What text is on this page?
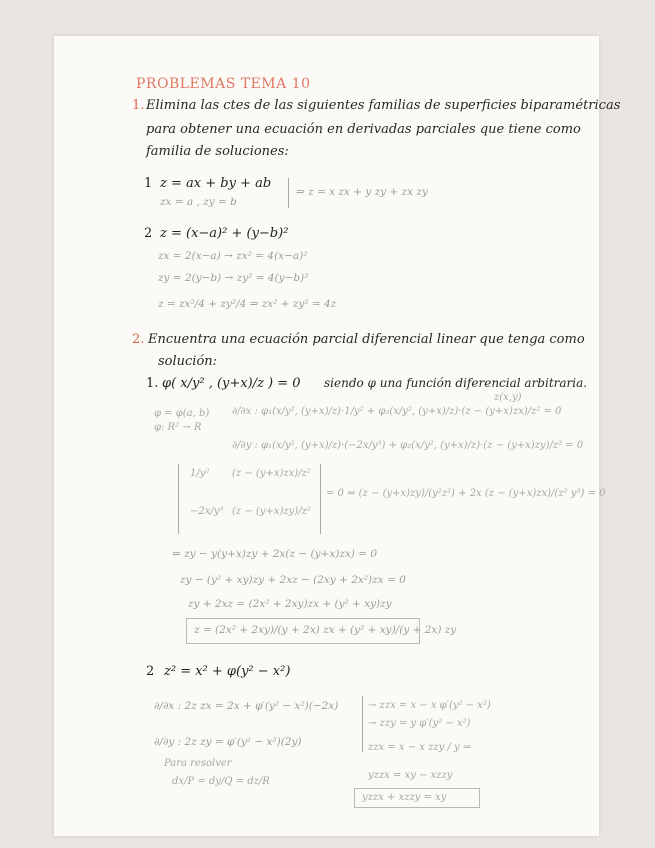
PROBLEMAS TEMA 10
1. Elimina las ctes de las siguientes familias de superficies biparamétricas
para obtener una ecuación en derivadas parciales que tiene como
familia de soluciones:
1 z = ax + by + ab
zx = a , zy = b
⇒ z = x zx + y zy + zx zy
2 z = (x−a)² + (y−b)²
zx = 2(x−a) → zx² = 4(x−a)²
zy = 2(y−b) → zy² = 4(y−b)²
z = zx²/4 + zy²/4 ⇒ zx² + zy² = 4z
2. Encuentra una ecuación parcial diferencial linear que tenga como
solución:
1. φ( x/y² , (y+x)/z ) = 0 siendo φ una función diferencial arbitraria.
z(x,y)
φ = φ(a, b)
φ: R² → R
∂/∂x : φ₁(x/y², (y+x)/z)·1/y² + φ₂(x/y², (y+x)/z)·(z − (y+x)zx)/z² = 0
∂/∂y : φ₁(x/y², (y+x)/z)·(−2x/y³) + φ₂(x/y², (y+x)/z)·(z − (y+x)zy)/z² = 0
1/y² (z − (y+x)zx)/z²
−2x/y³ (z − (y+x)zy)/z²
= 0 ⇔ (z − (y+x)zy)/(y²z²) + 2x (z − (y+x)zx)/(z² y³) = 0
⇔ zy − y(y+x)zy + 2x(z − (y+x)zx) = 0
zy − (y² + xy)zy + 2xz − (2xy + 2x²)zx = 0
zy + 2xz = (2x² + 2xy)zx + (y² + xy)zy
z = (2x² + 2xy)/(y + 2x) zx + (y² + xy)/(y + 2x) zy
2 z² = x² + φ(y² − x²)
∂/∂x : 2z zx = 2x + φ′(y² − x²)(−2x)
∂/∂y : 2z zy = φ′(y² − x²)(2y)
→ zzx = x − x φ′(y² − x²)
→ zzy = y φ′(y² − x²)
zzx = x − x zzy / y ⇒
Para resolver
dx/P = dy/Q = dz/R
yzzx = xy − xzzy
yzzx + xzzy = xy
